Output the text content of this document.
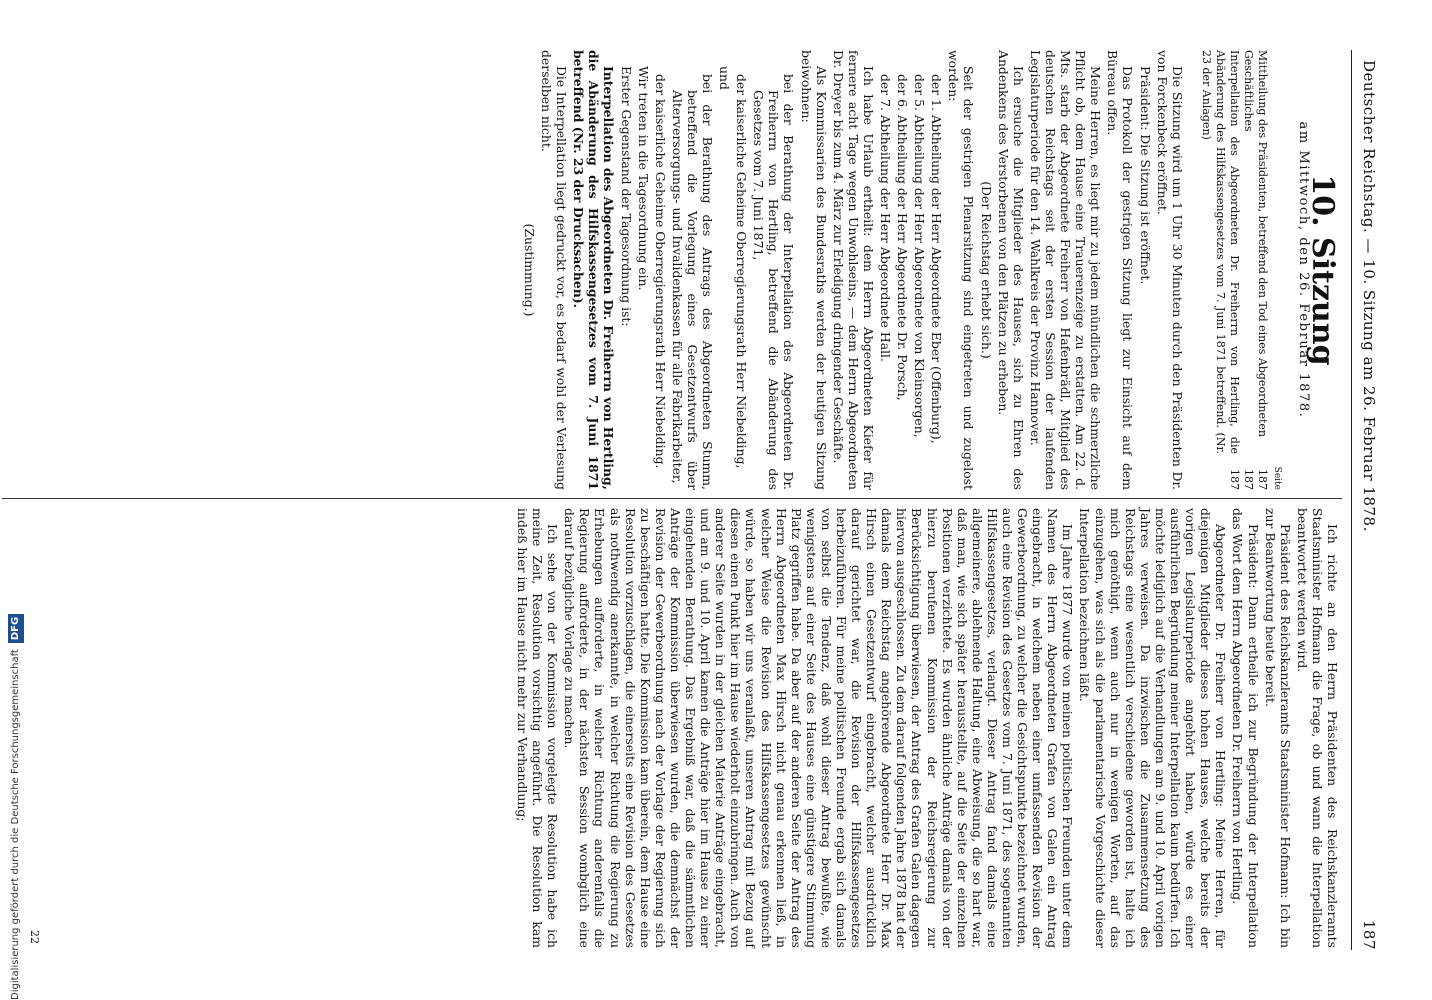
Deutscher Reichstag. — 10. Sitzung am 26. Februar 1878.
187
10. Sitzung
am Mittwoch, den 26. Februar 1878.
Seite
Mittheilung des Präsidenten, betreffend den Tod eines Abgeordneten
187
Geschäftliches
187
Interpellation des Abgeordneten Dr. Freiherrn von Hertling, die Abänderung des Hilfskassengesetzes vom 7. Juni 1871 betreffend. (Nr. 23 der Anlagen)
187

Die Sitzung wird um 1 Uhr 30 Minuten durch den Präsidenten Dr. von Forckenbeck eröffnet.

Präsident: Die Sitzung ist eröffnet.

Das Protokoll der gestrigen Sitzung liegt zur Einsicht auf dem Büreau offen.

Meine Herren, es liegt mir zu jedem mündlichen die schmerzliche Pflicht ob, dem Hause eine Trauerenzeige zu erstatten. Am 22. d. Mts. starb der Abgeordnete Freiherr von Hafenbrädl, Mitglied des deutschen Reichstags seit der ersten Session der laufenden Legislaturperiode für den 14. Wahlkreis der Provinz Hannover.

Ich ersuche die Mitglieder des Hauses, sich zu Ehren des Andenkens des Verstorbenen von den Plätzen zu erheben.

(Der Reichstag erhebt sich.)

Seit der gestrigen Plenarsitzung sind eingetreten und zugelost worden:

der 1. Abtheilung der Herr Abgeordnete Eber (Offenburg),

der 5. Abtheilung der Herr Abgeordnete von Kleinsorgen,

der 6. Abtheilung der Herr Abgeordnete Dr. Porsch,

der 7. Abtheilung der Herr Abgeordnete Hall.

Ich habe Urlaub ertheilt: dem Herrn Abgeordneten Kiefer für fernere acht Tage wegen Unwohlseins, — dem Herrn Abgeordneten Dr. Dreyer bis zum 4. März zur Erledigung dringender Geschäfte.

Als Kommissarien des Bundesraths werden der heutigen Sitzung beiwohnen:

bei der Berathung der Interpellation des Abgeordneten Dr. Freiherrn von Hertling, betreffend die Abänderung des Gesetzes vom 7. Juni 1871,

der kaiserliche Geheime Oberregierungsrath Herr Niebelding,

und

bei der Berathung des Antrags des Abgeordneten Stumm, betreffend die Vorlegung eines Gesetzentwurfs über Alterversorgungs- und Invalidenkassen für alle Fabrikarbeiter,

der kaiserliche Geheime Oberregierungsrath Herr Niebelding.

Wir treten in die Tagesordnung ein.

Erster Gegenstand der Tagesordnung ist:

Interpellation des Abgeordneten Dr. Freiherrn von Hertling, die Abänderung des Hilfskassengesetzes vom 7. Juni 1871 betreffend (Nr. 23 der Drucksachen).

Die Interpellation liegt gedruckt vor, es bedarf wohl der Verlesung derselben nicht.

(Zustimmung.)

Ich richte an den Herrn Präsidenten des Reichskanzleramts Staatsminister Hofmann die Frage, ob und wann die Interpellation beantwortet werden wird.

Präsident des Reichskanzleramts Staatsminister Hofmann: Ich bin zur Beantwortung heute bereit.

Präsident: Dann ertheile ich zur Begründung der Interpellation das Wort dem Herrn Abgeordneten Dr. Freiherrn von Hertling.

Abgeordneter Dr. Freiherr von Hertling: Meine Herren, für diejenigen Mitglieder dieses hohen Hauses, welche bereits der vorigen Legislaturperiode angehört haben, würde es einer ausführlichen Begründung meiner Interpellation kaum bedürfen. Ich möchte lediglich auf die Verhandlungen am 9. und 10. April vorigen Jahres verweisen. Da inzwischen die Zusammensetzung des Reichstags eine wesentlich verschiedene geworden ist, halte ich mich genöthigt, wenn auch nur in wenigen Worten, auf das einzugehen, was sich als die parlamentarische Vorgeschichte dieser Interpellation bezeichnen läßt.

Im Jahre 1877 wurde von meinen politischen Freunden unter dem Namen des Herrn Abgeordneten Grafen von Galen ein Antrag eingebracht, in welchem neben einer umfassenden Revision der Gewerbeordnung, zu welcher die Gesichtspunkte bezeichnet wurden, auch eine Revision des Gesetzes vom 7. Juni 1871, des sogenannten Hilfskassengesetzes, verlangt. Dieser Antrag fand damals eine allgemeinere, ablehnende Haltung, eine Abweisung, die so hart war, daß man, wie sich später herausstellte, auf die Seite der einzelnen Positionen verzichtete. Es wurden ähnliche Anträge damals von der hierzu berufenen Kommission der Reichsregierung zur Berücksichtigung überwiesen, der Antrag des Grafen Galen dagegen hiervon ausgeschlossen. Zu dem darauf folgenden Jahre 1878 hat der damals dem Reichstag angehörende Abgeordnete Herr Dr. Max Hirsch einen Gesetzentwurf eingebracht, welcher ausdrücklich darauf gerichtet war, die Revision der Hilfskassengesetzes herbeizuführen. Für meine politischen Freunde ergab sich damals von selbst die Tendenz, daß wohl dieser Antrag bewußte, wie wenigstens auf einer Seite des Hauses eine günstigere Stimmung Platz gegriffen habe. Da aber auf der anderen Seite der Antrag des Herrn Abgeordneten Max Hirsch nicht genau erkennen ließ, in welcher Weise die Revision des Hilfskassengesetzes gewünscht würde, so haben wir uns veranlaßt, unseren Antrag mit Bezug auf diesen einen Punkt hier im Hause wiederholt einzubringen. Auch von anderer Seite wurden in der gleichen Materie Anträge eingebracht, und am 9. und 10. April kamen die Anträge hier im Hause zu einer eingehenden Berathung. Das Ergebniß war, daß die sämmtlichen Anträge der Kommission überwiesen wurden, die demnächst der Revision der Gewerbeordnung nach der Vorlage der Regierung sich zu beschäftigen hatte. Die Kommission kam überein, dem Hause eine Resolution vorzuschlagen, die einerseits eine Revision des Gesetzes als nothwendig anerkannte, in welcher Richtung die Regierung zu Erhebungen aufforderte, in welcher Richtung anderenfalls die Regierung aufforderte, in der nächsten Session wombglich eine darauf bezügliche Vorlage zu machen.

Ich sehe von der Kommission vorgelegte Resolution habe ich meine Zeit, Resolution vorsichtig angeführt. Die Resolution kam indeß hier im Hause nicht mehr zur Verhandlung;

22
Digitalisierung gefördert durch die Deutsche ForschungsgemeinschaftDFG
